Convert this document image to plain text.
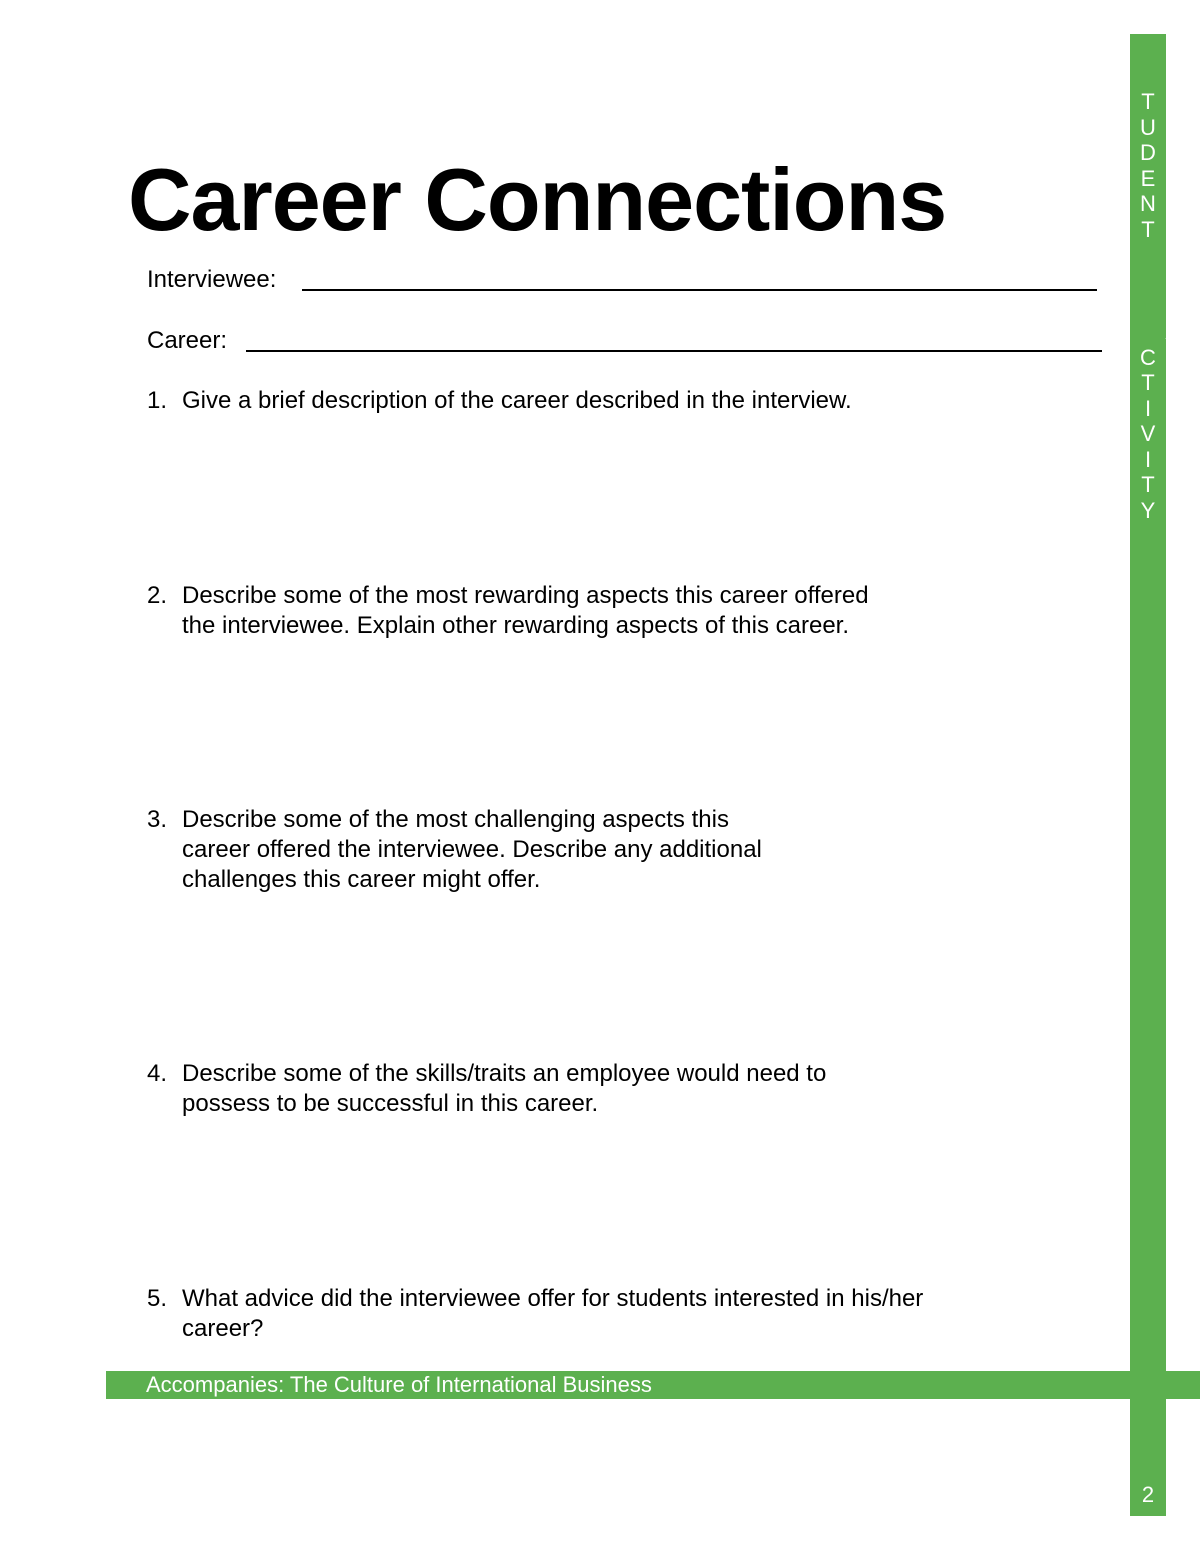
Career Connections
Interviewee:
Career:
1. Give a brief description of the career described in the interview.
2. Describe some of the most rewarding aspects this career offered
the interviewee. Explain other rewarding aspects of this career.
3. Describe some of the most challenging aspects this
career offered the interviewee. Describe any additional
challenges this career might offer.
4. Describe some of the skills/traits an employee would need to
possess to be successful in this career.
5. What advice did the interviewee offer for students interested in his/her
career?
Accompanies: The Culture of International Business

S
T
U
D
E
N
T

A
C
T
I
V
I
T
Y

2
